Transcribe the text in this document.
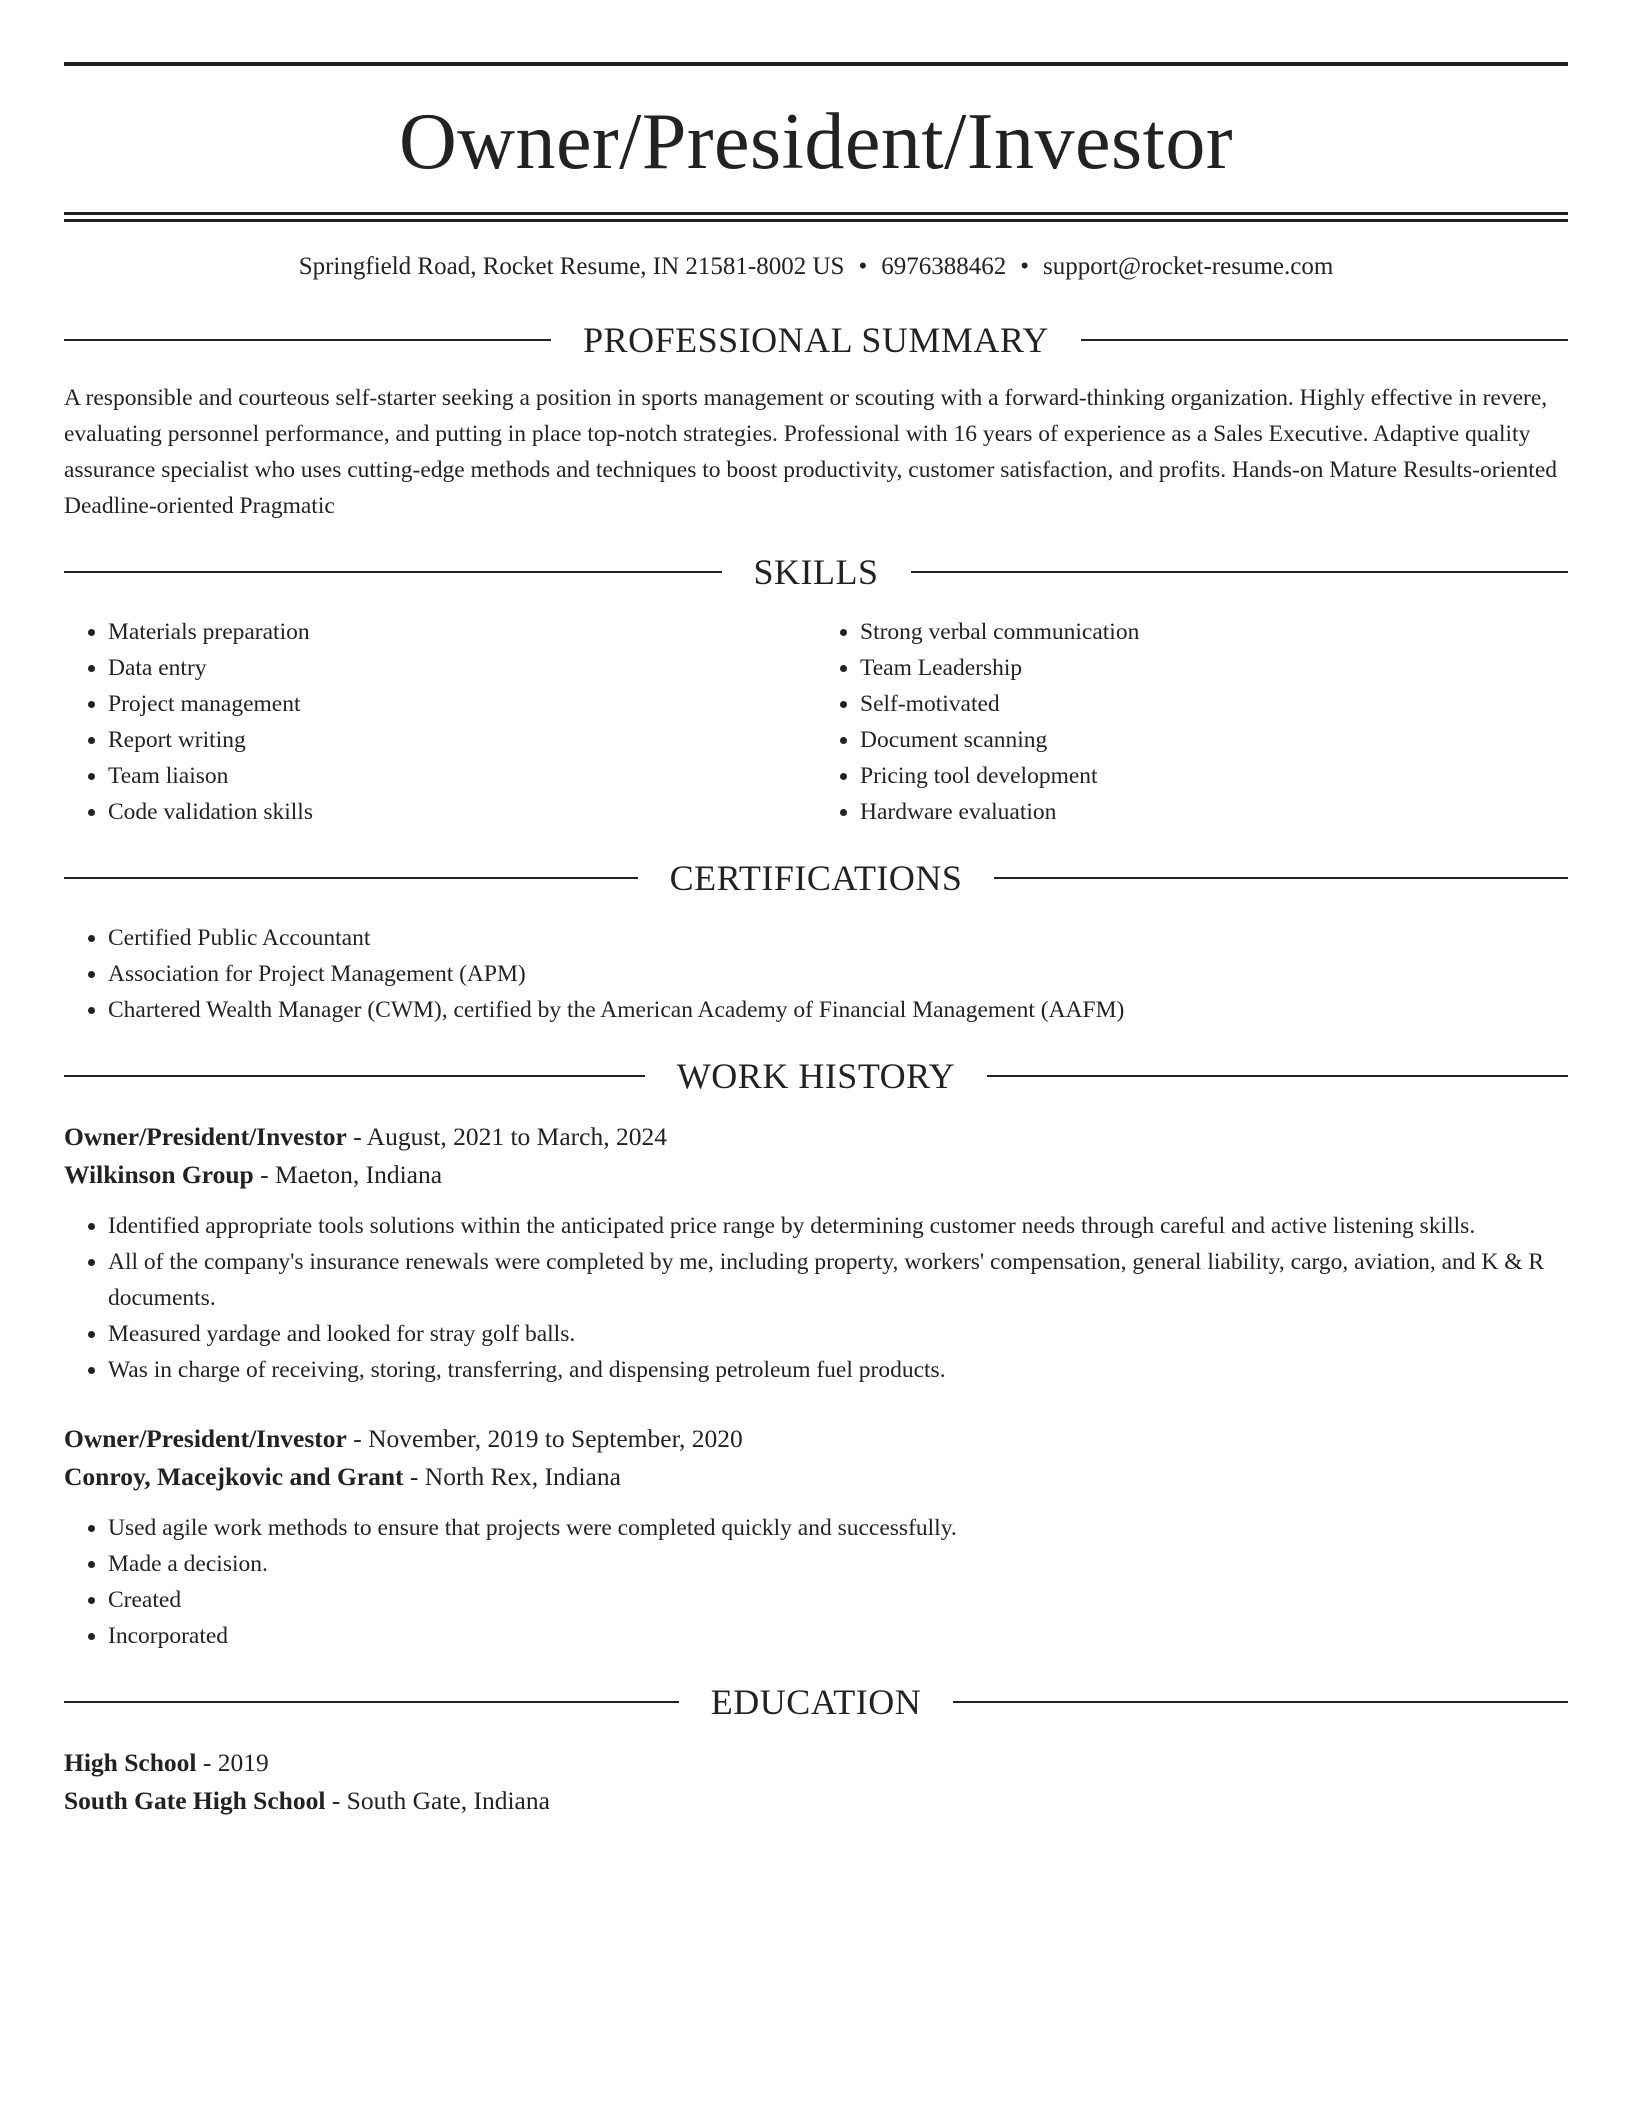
Owner/President/Investor
Springfield Road, Rocket Resume, IN 21581-8002 US • 6976388462 • support@rocket-resume.com
PROFESSIONAL SUMMARY
A responsible and courteous self-starter seeking a position in sports management or scouting with a forward-thinking organization. Highly effective in revere, evaluating personnel performance, and putting in place top-notch strategies. Professional with 16 years of experience as a Sales Executive. Adaptive quality assurance specialist who uses cutting-edge methods and techniques to boost productivity, customer satisfaction, and profits. Hands-on Mature Results-oriented Deadline-oriented Pragmatic
SKILLS
• Materials preparation
• Data entry
• Project management
• Report writing
• Team liaison
• Code validation skills
• Strong verbal communication
• Team Leadership
• Self-motivated
• Document scanning
• Pricing tool development
• Hardware evaluation
CERTIFICATIONS
• Certified Public Accountant
• Association for Project Management (APM)
• Chartered Wealth Manager (CWM), certified by the American Academy of Financial Management (AAFM)
WORK HISTORY
Owner/President/Investor - August, 2021 to March, 2024
Wilkinson Group - Maeton, Indiana
• Identified appropriate tools solutions within the anticipated price range by determining customer needs through careful and active listening skills.
• All of the company's insurance renewals were completed by me, including property, workers' compensation, general liability, cargo, aviation, and K & R documents.
• Measured yardage and looked for stray golf balls.
• Was in charge of receiving, storing, transferring, and dispensing petroleum fuel products.
Owner/President/Investor - November, 2019 to September, 2020
Conroy, Macejkovic and Grant - North Rex, Indiana
• Used agile work methods to ensure that projects were completed quickly and successfully.
• Made a decision.
• Created
• Incorporated
EDUCATION
High School - 2019
South Gate High School - South Gate, Indiana
